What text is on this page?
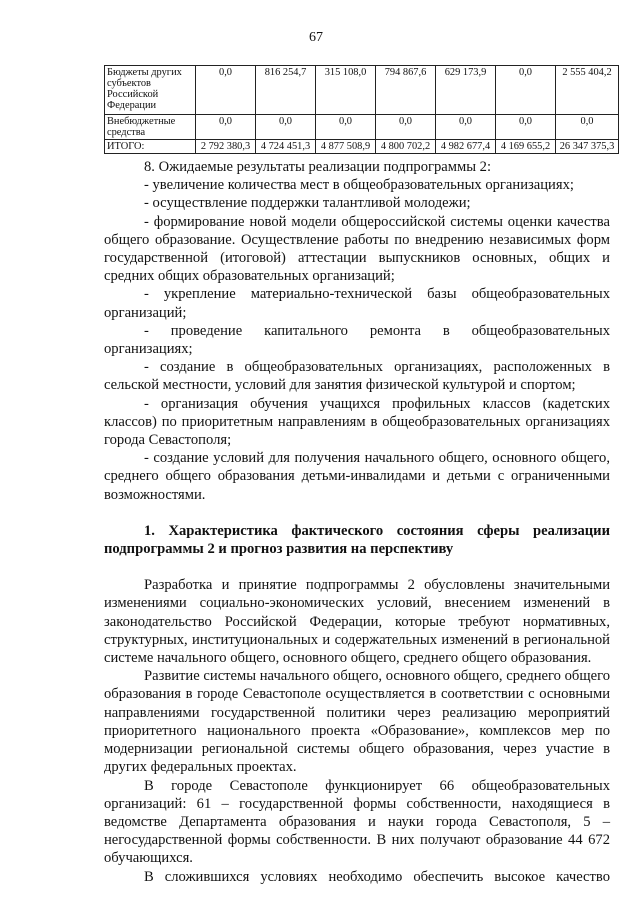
67
Бюджеты других субъектов Российской Федерации	0,0	816 254,7	315 108,0	794 867,6	629 173,9	0,0	2 555 404,2
Внебюджетные средства	0,0	0,0	0,0	0,0	0,0	0,0	0,0
ИТОГО:	2 792 380,3	4 724 451,3	4 877 508,9	4 800 702,2	4 982 677,4	4 169 655,2	26 347 375,3

8. Ожидаемые результаты реализации подпрограммы 2:

- увеличение количества мест в общеобразовательных организациях;

- осуществление поддержки талантливой молодежи;

- формирование новой модели общероссийской системы оценки качества общего образование. Осуществление работы по внедрению независимых форм государственной (итоговой) аттестации выпускников основных, общих и средних общих образовательных организаций;

- укрепление материально-технической базы общеобразовательных организаций;

- проведение капитального ремонта в общеобразовательных организациях;

- создание в общеобразовательных организациях, расположенных в сельской местности, условий для занятия физической культурой и спортом;

- организация обучения учащихся профильных классов (кадетских классов) по приоритетным направлениям в общеобразовательных организациях города Севастополя;

- создание условий для получения начального общего, основного общего, среднего общего образования детьми-инвалидами и детьми с ограниченными возможностями.

1. Характеристика фактического состояния сферы реализации подпрограммы 2 и прогноз развития на перспективу

Разработка и принятие подпрограммы 2 обусловлены значительными изменениями социально-экономических условий, внесением изменений в законодательство Российской Федерации, которые требуют нормативных, структурных, институциональных и содержательных изменений в региональной системе начального общего, основного общего, среднего общего образования.

Развитие системы начального общего, основного общего, среднего общего образования в городе Севастополе осуществляется в соответствии с основными направлениями государственной политики через реализацию мероприятий приоритетного национального проекта «Образование», комплексов мер по модернизации региональной системы общего образования, через участие в других федеральных проектах.

В городе Севастополе функционирует 66 общеобразовательных организаций: 61 – государственной формы собственности, находящиеся в ведомстве Департамента образования и науки города Севастополя, 5 – негосударственной формы собственности. В них получают образование 44 672 обучающихся.

В сложившихся условиях необходимо обеспечить высокое качество
